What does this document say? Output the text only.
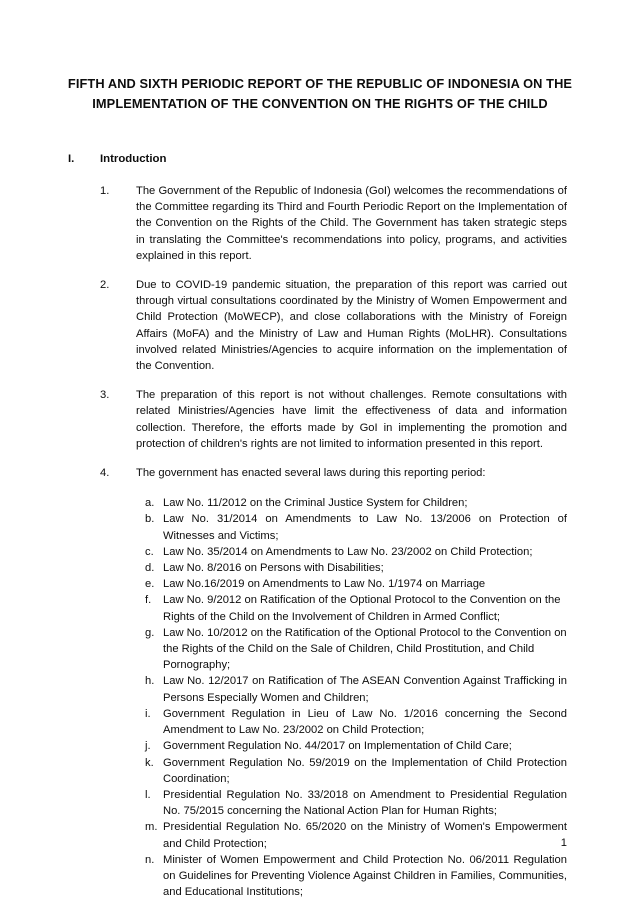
FIFTH AND SIXTH PERIODIC REPORT OF THE REPUBLIC OF INDONESIA ON THE IMPLEMENTATION OF THE CONVENTION ON THE RIGHTS OF THE CHILD
I.	Introduction
1.	The Government of the Republic of Indonesia (GoI) welcomes the recommendations of the Committee regarding its Third and Fourth Periodic Report on the Implementation of the Convention on the Rights of the Child. The Government has taken strategic steps in translating the Committee's recommendations into policy, programs, and activities explained in this report.
2.	Due to COVID-19 pandemic situation, the preparation of this report was carried out through virtual consultations coordinated by the Ministry of Women Empowerment and Child Protection (MoWECP), and close collaborations with the Ministry of Foreign Affairs (MoFA) and the Ministry of Law and Human Rights (MoLHR). Consultations involved related Ministries/Agencies to acquire information on the implementation of the Convention.
3.	The preparation of this report is not without challenges. Remote consultations with related Ministries/Agencies have limit the effectiveness of data and information collection. Therefore, the efforts made by GoI in implementing the promotion and protection of children's rights are not limited to information presented in this report.
4.	The government has enacted several laws during this reporting period:
a. Law No. 11/2012 on the Criminal Justice System for Children;
b. Law No. 31/2014 on Amendments to Law No. 13/2006 on Protection of Witnesses and Victims;
c. Law No. 35/2014 on Amendments to Law No. 23/2002 on Child Protection;
d. Law No. 8/2016 on Persons with Disabilities;
e. Law No.16/2019 on Amendments to Law No. 1/1974 on Marriage
f.	Law No. 9/2012 on Ratification of the Optional Protocol to the Convention on the Rights of the Child on the Involvement of Children in Armed Conflict;
g. Law No. 10/2012 on the Ratification of the Optional Protocol to the Convention on the Rights of the Child on the Sale of Children, Child Prostitution, and Child Pornography;
h. Law No. 12/2017 on Ratification of The ASEAN Convention Against Trafficking in Persons Especially Women and Children;
i.	Government Regulation in Lieu of Law No. 1/2016 concerning the Second Amendment to Law No. 23/2002 on Child Protection;
j.	Government Regulation No. 44/2017 on Implementation of Child Care;
k. Government Regulation No. 59/2019 on the Implementation of Child Protection Coordination;
l.	Presidential Regulation No. 33/2018 on Amendment to Presidential Regulation No. 75/2015 concerning the National Action Plan for Human Rights;
m. Presidential Regulation No. 65/2020 on the Ministry of Women's Empowerment and Child Protection;
n. Minister of Women Empowerment and Child Protection No. 06/2011 Regulation on Guidelines for Preventing Violence Against Children in Families, Communities, and Educational Institutions;
1
